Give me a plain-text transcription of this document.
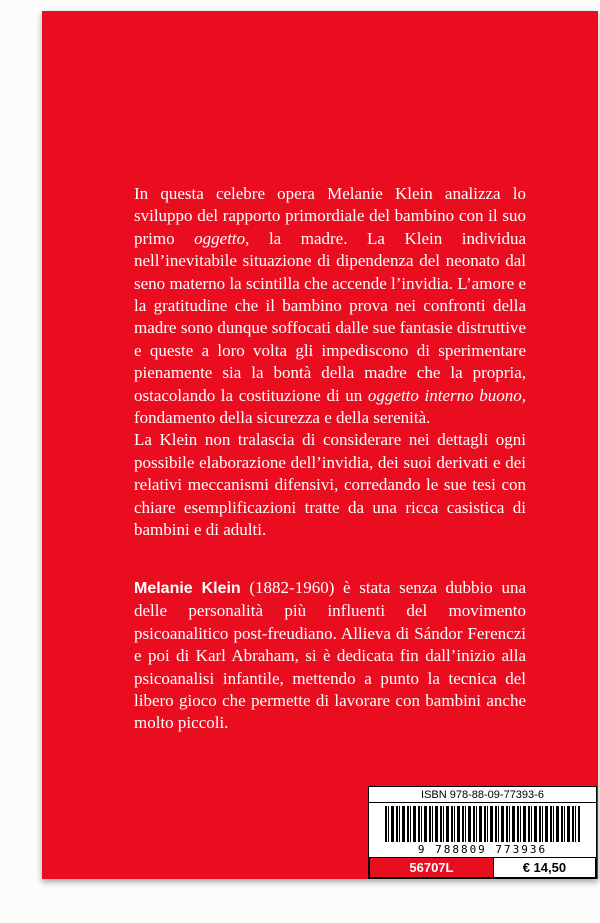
In questa celebre opera Melanie Klein analizza lo sviluppo del rapporto primordiale del bambino con il suo primo oggetto, la madre. La Klein individua nell’inevitabile situazione di dipendenza del neonato dal seno materno la scintilla che accende l’invidia. L’amore e la gratitudine che il bambino prova nei confronti della madre sono dunque soffocati dalle sue fantasie distruttive e queste a loro volta gli impediscono di sperimentare pienamente sia la bontà della madre che la propria, ostacolando la costituzione di un oggetto interno buono, fondamento della sicurezza e della serenità.

La Klein non tralascia di considerare nei dettagli ogni possibile elaborazione dell’invidia, dei suoi derivati e dei relativi meccanismi difensivi, corredando le sue tesi con chiare esemplificazioni tratte da una ricca casistica di bambini e di adulti.

Melanie Klein (1882-1960) è stata senza dubbio una delle personalità più influenti del movimento psicoanalitico post-freudiano. Allieva di Sándor Ferenczi e poi di Karl Abraham, si è dedicata fin dall’inizio alla psicoanalisi infantile, mettendo a punto la tecnica del libero gioco che permette di lavorare con bambini anche molto piccoli.

ISBN 978-88-09-77393-6
9 788809 773936
56707L	€ 14,50
